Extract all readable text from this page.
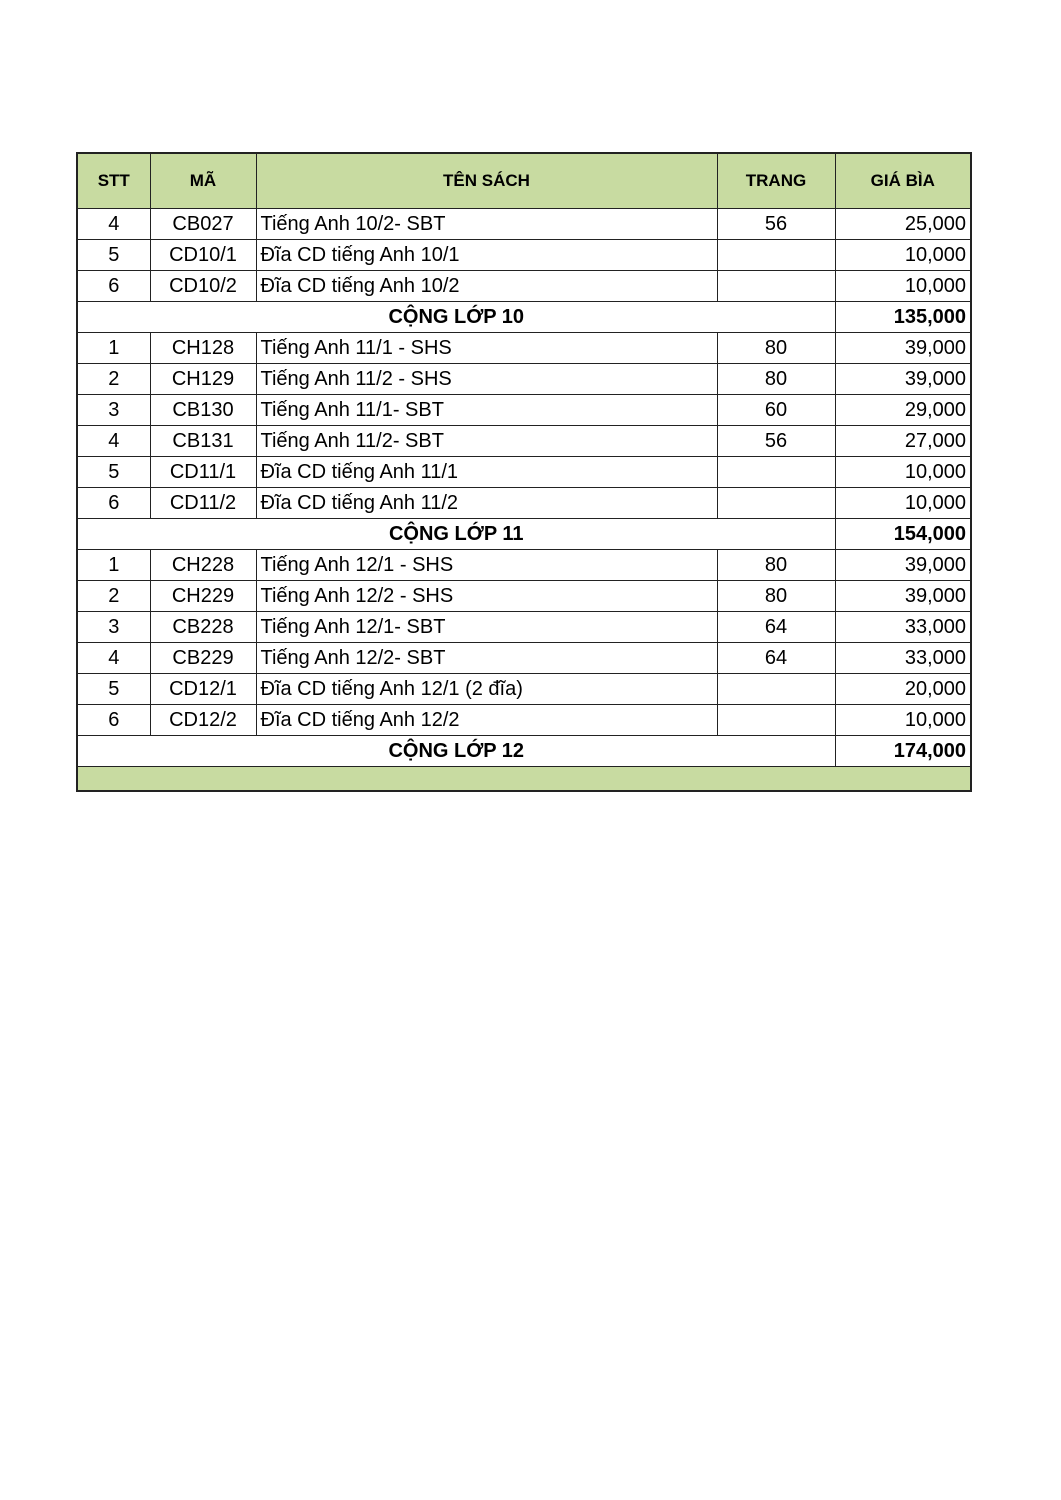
STT	MÃ	TÊN SÁCH	TRANG	GIÁ BÌA
4	CB027	Tiếng Anh 10/2- SBT	56	25,000
5	CD10/1	Đĩa CD tiếng Anh 10/1		10,000
6	CD10/2	Đĩa CD tiếng Anh 10/2		10,000
CỘNG LỚP 10				135,000
1	CH128	Tiếng Anh 11/1 - SHS	80	39,000
2	CH129	Tiếng Anh 11/2 - SHS	80	39,000
3	CB130	Tiếng Anh 11/1- SBT	60	29,000
4	CB131	Tiếng Anh 11/2- SBT	56	27,000
5	CD11/1	Đĩa CD tiếng Anh 11/1		10,000
6	CD11/2	Đĩa CD tiếng Anh 11/2		10,000
CỘNG LỚP 11				154,000
1	CH228	Tiếng Anh 12/1 - SHS	80	39,000
2	CH229	Tiếng Anh 12/2 - SHS	80	39,000
3	CB228	Tiếng Anh 12/1- SBT	64	33,000
4	CB229	Tiếng Anh 12/2- SBT	64	33,000
5	CD12/1	Đĩa CD tiếng Anh 12/1 (2 đĩa)		20,000
6	CD12/2	Đĩa CD tiếng Anh 12/2		10,000
CỘNG LỚP 12				174,000
